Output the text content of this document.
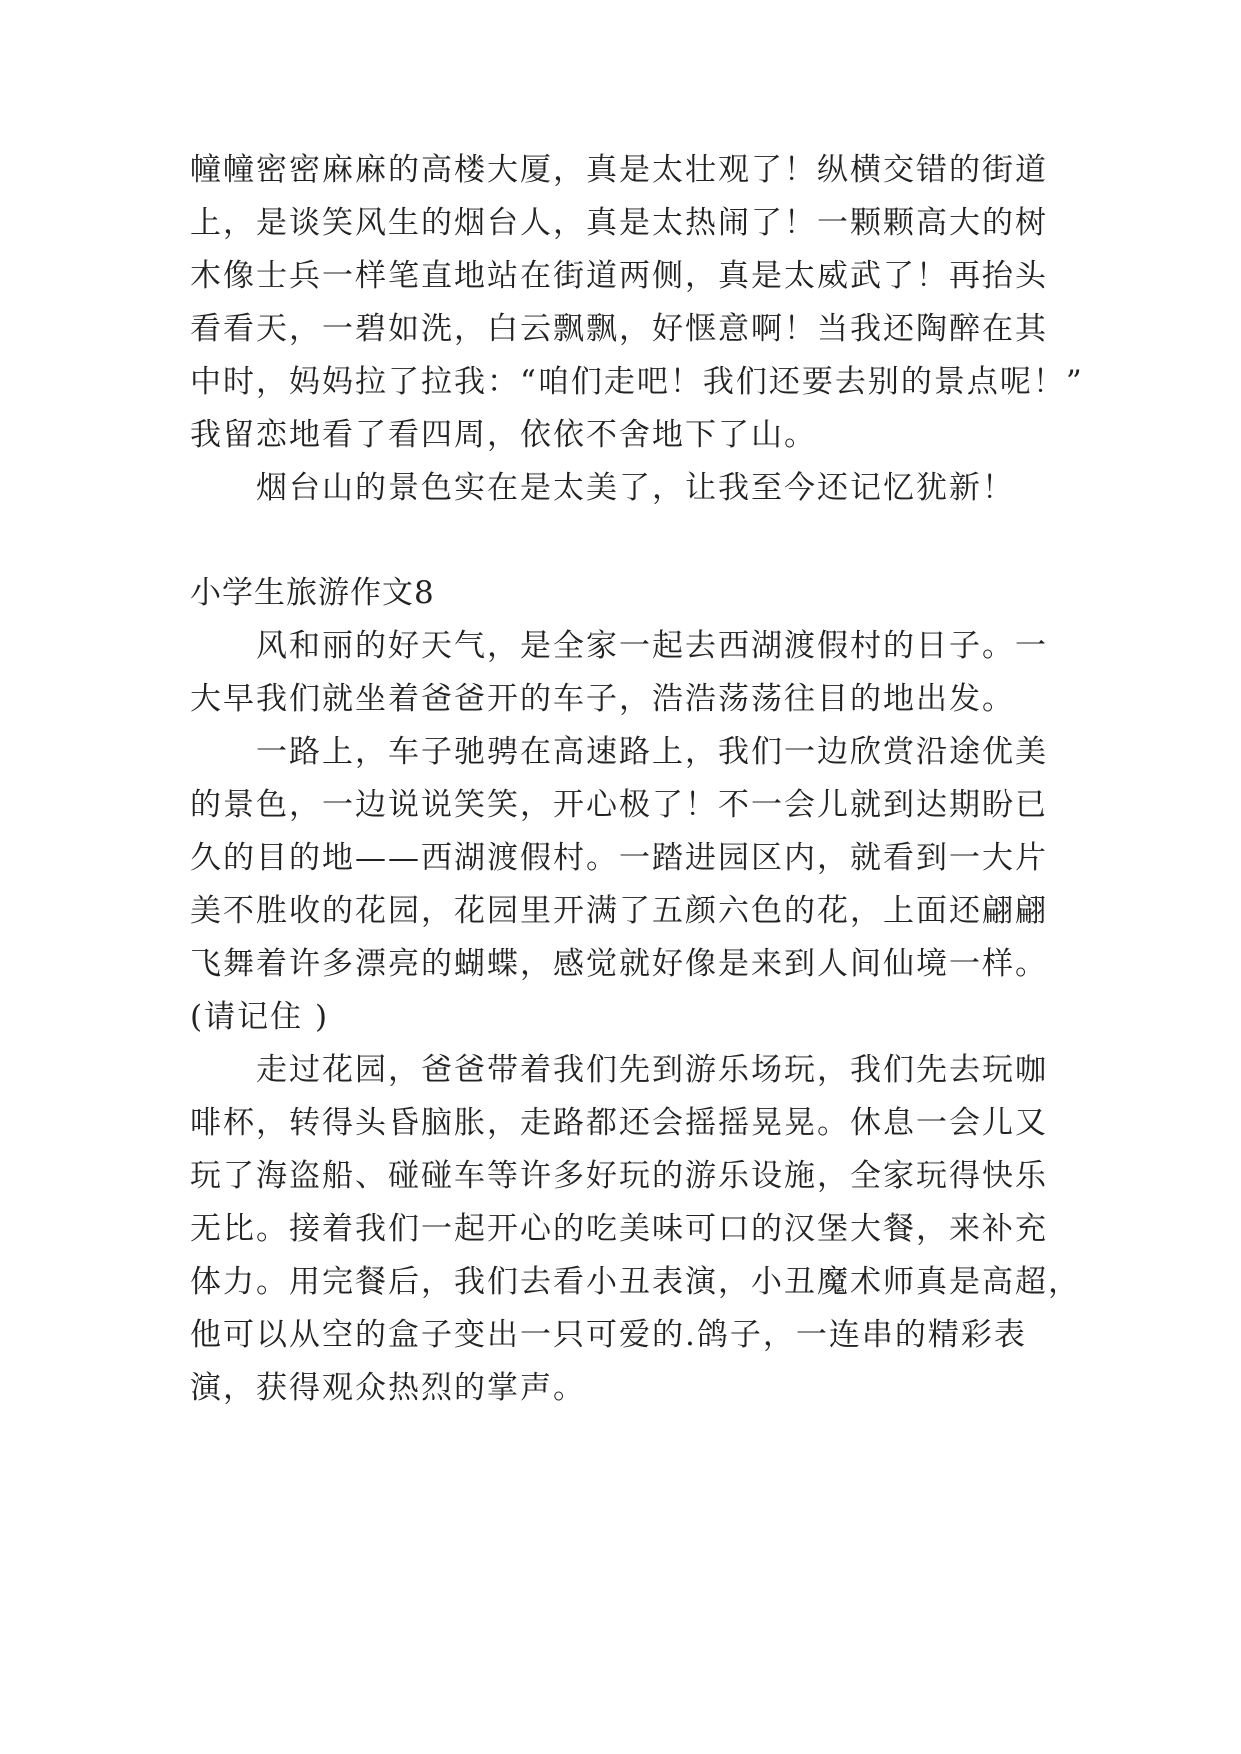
幢幢密密麻麻的高楼大厦，真是太壮观了！纵横交错的街道
上，是谈笑风生的烟台人，真是太热闹了！一颗颗高大的树
木像士兵一样笔直地站在街道两侧，真是太威武了！再抬头
看看天，一碧如洗，白云飘飘，好惬意啊！当我还陶醉在其
中时，妈妈拉了拉我：“咱们走吧！我们还要去别的景点呢！”
我留恋地看了看四周，依依不舍地下了山。
　　烟台山的景色实在是太美了，让我至今还记忆犹新！
小学生旅游作文8
　　风和丽的好天气，是全家一起去西湖渡假村的日子。一
大早我们就坐着爸爸开的车子，浩浩荡荡往目的地出发。
　　一路上，车子驰骋在高速路上，我们一边欣赏沿途优美
的景色，一边说说笑笑，开心极了！不一会儿就到达期盼已
久的目的地——西湖渡假村。一踏进园区内，就看到一大片
美不胜收的花园，花园里开满了五颜六色的花，上面还翩翩
飞舞着许多漂亮的蝴蝶，感觉就好像是来到人间仙境一样。
(请记住 )
　　走过花园，爸爸带着我们先到游乐场玩，我们先去玩咖
啡杯，转得头昏脑胀，走路都还会摇摇晃晃。休息一会儿又
玩了海盗船、碰碰车等许多好玩的游乐设施，全家玩得快乐
无比。接着我们一起开心的吃美味可口的汉堡大餐，来补充
体力。用完餐后，我们去看小丑表演，小丑魔术师真是高超，
他可以从空的盒子变出一只可爱的.鸽子，一连串的精彩表
演，获得观众热烈的掌声。
